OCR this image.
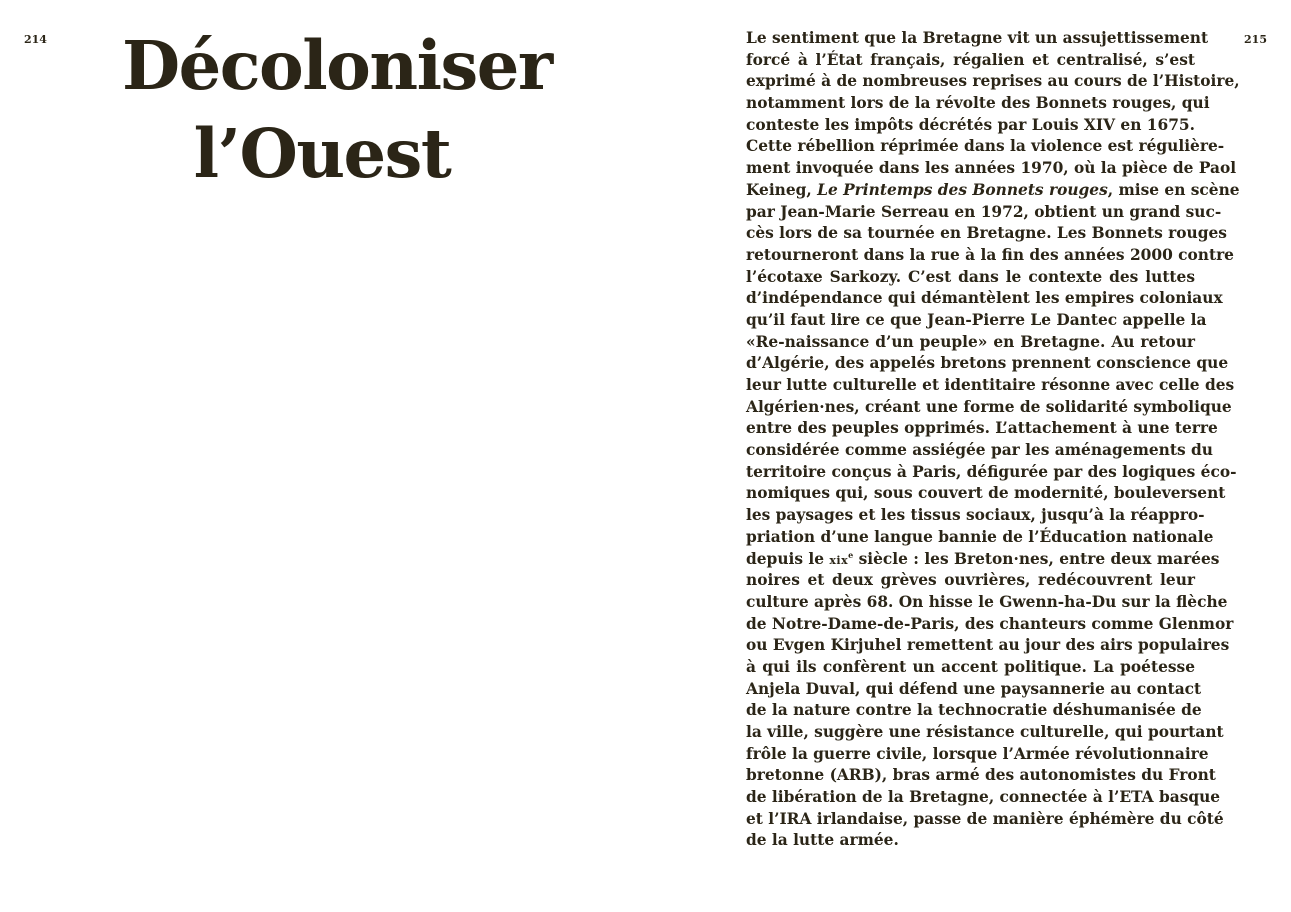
214 Décoloniser
l’Ouest
215
Le sentiment que la Bretagne vit un assujettissement
forcé à l’État français, régalien et centralisé, s’est
exprimé à de nombreuses reprises au cours de l’Histoire,
notamment lors de la révolte des Bonnets rouges, qui
conteste les impôts décrétés par Louis XIV en 1675.
Cette rébellion réprimée dans la violence est régulière-
ment invoquée dans les années 1970, où la pièce de Paol
Keineg, Le Printemps des Bonnets rouges, mise en scène
par Jean-Marie Serreau en 1972, obtient un grand suc-
cès lors de sa tournée en Bretagne. Les Bonnets rouges
retourneront dans la rue à la fin des années 2000 contre
l’écotaxe Sarkozy. C’est dans le contexte des luttes
d’indépendance qui démantèlent les empires coloniaux
qu’il faut lire ce que Jean-Pierre Le Dantec appelle la
«Re-naissance d’un peuple» en Bretagne. Au retour
d’Algérie, des appelés bretons prennent conscience que
leur lutte culturelle et identitaire résonne avec celle des
Algérien·nes, créant une forme de solidarité symbolique
entre des peuples opprimés. L’attachement à une terre
considérée comme assiégée par les aménagements du
territoire conçus à Paris, défigurée par des logiques éco-
nomiques qui, sous couvert de modernité, bouleversent
les paysages et les tissus sociaux, jusqu’à la réappro-
priation d’une langue bannie de l’Éducation nationale
depuis le xix$^e$ siècle : les Breton·nes, entre deux marées
noires et deux grèves ouvrières, redécouvrent leur
culture après 68. On hisse le Gwenn-ha-Du sur la flèche
de Notre-Dame-de-Paris, des chanteurs comme Glenmor
ou Evgen Kirjuhel remettent au jour des airs populaires
à qui ils confèrent un accent politique. La poétesse
Anjela Duval, qui défend une paysannerie au contact
de la nature contre la technocratie déshumanisée de
la ville, suggère une résistance culturelle, qui pourtant
frôle la guerre civile, lorsque l’Armée révolutionnaire
bretonne (ARB), bras armé des autonomistes du Front
de libération de la Bretagne, connectée à l’ETA basque
et l’IRA irlandaise, passe de manière éphémère du côté
de la lutte armée.
